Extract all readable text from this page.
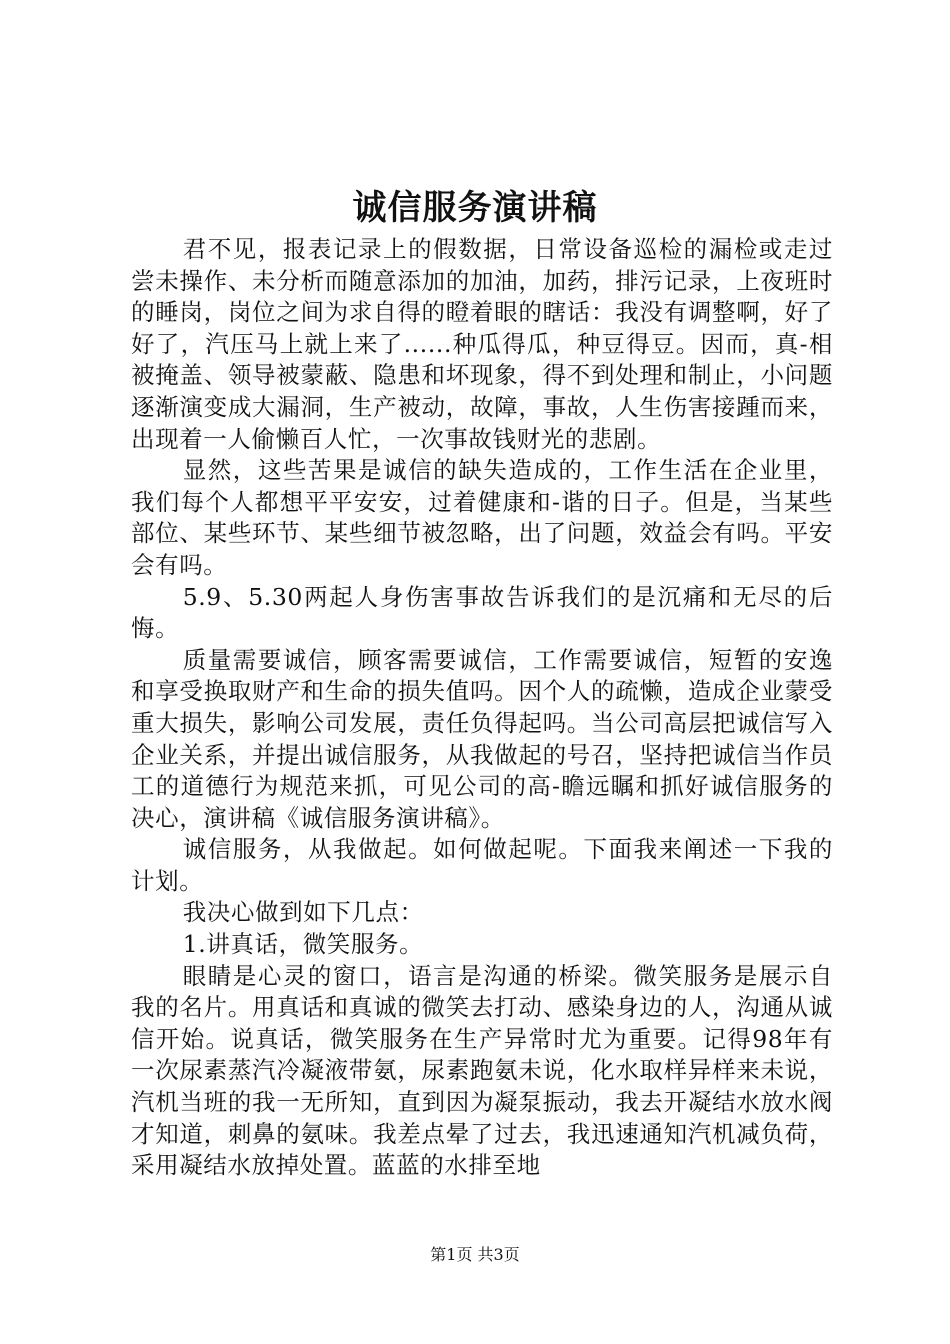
诚信服务演讲稿

君不见，报表记录上的假数据，日常设备巡检的漏检或走过尝未操作、未分析而随意添加的加油，加药，排污记录，上夜班时的睡岗，岗位之间为求自得的瞪着眼的瞎话：我没有调整啊，好了好了，汽压马上就上来了......种瓜得瓜，种豆得豆。因而，真-相被掩盖、领导被蒙蔽、隐患和坏现象，得不到处理和制止，小问题逐渐演变成大漏洞，生产被动，故障，事故，人生伤害接踵而来，出现着一人偷懒百人忙，一次事故钱财光的悲剧。

显然，这些苦果是诚信的缺失造成的，工作生活在企业里，我们每个人都想平平安安，过着健康和-谐的日子。但是，当某些部位、某些环节、某些细节被忽略，出了问题，效益会有吗。平安会有吗。

5.9、5.30两起人身伤害事故告诉我们的是沉痛和无尽的后悔。

质量需要诚信，顾客需要诚信，工作需要诚信，短暂的安逸和享受换取财产和生命的损失值吗。因个人的疏懒，造成企业蒙受重大损失，影响公司发展，责任负得起吗。当公司高层把诚信写入企业关系，并提出诚信服务，从我做起的号召，坚持把诚信当作员工的道德行为规范来抓，可见公司的高-瞻远瞩和抓好诚信服务的决心，演讲稿《诚信服务演讲稿》。

诚信服务，从我做起。如何做起呢。下面我来阐述一下我的计划。

我决心做到如下几点：

1.讲真话，微笑服务。

眼睛是心灵的窗口，语言是沟通的桥梁。微笑服务是展示自我的名片。用真话和真诚的微笑去打动、感染身边的人，沟通从诚信开始。说真话，微笑服务在生产异常时尤为重要。记得98年有一次尿素蒸汽冷凝液带氨，尿素跑氨未说，化水取样异样来未说，汽机当班的我一无所知，直到因为凝泵振动，我去开凝结水放水阀才知道，刺鼻的氨味。我差点晕了过去，我迅速通知汽机减负荷，采用凝结水放掉处置。蓝蓝的水排至地

第1页 共3页
